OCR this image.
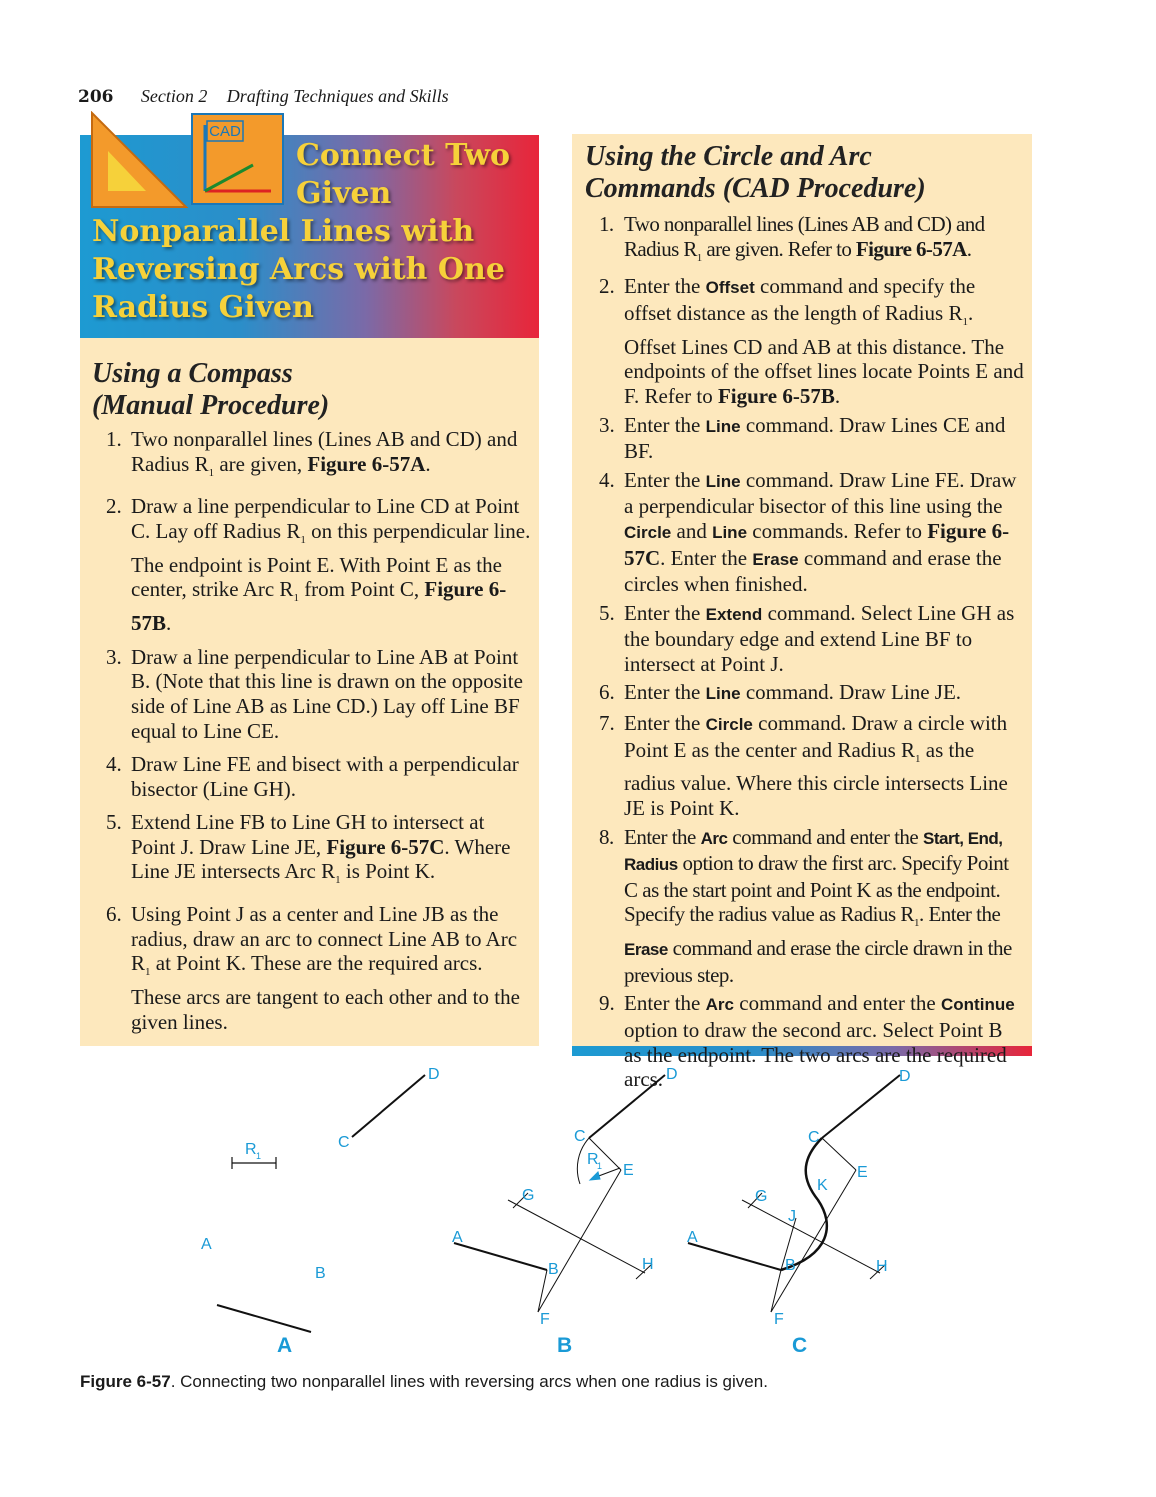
206 Section 2 Drafting Techniques and Skills
Connect Two
Given
Nonparallel Lines with
Reversing Arcs with One
Radius Given
CAD
Using a Compass
(Manual Procedure)
1. Two nonparallel lines (Lines AB and CD) and Radius $R_1$ are given, Figure 6-57A.
2. Draw a line perpendicular to Line CD at Point C. Lay off Radius $R_1$ on this perpendicular line. The endpoint is Point E. With Point E as the center, strike Arc $R_1$ from Point C, Figure 6-57B.
3. Draw a line perpendicular to Line AB at Point B. (Note that this line is drawn on the opposite side of Line AB as Line CD.) Lay off Line BF equal to Line CE.
4. Draw Line FE and bisect with a perpendicular bisector (Line GH).
5. Extend Line FB to Line GH to intersect at Point J. Draw Line JE, Figure 6-57C. Where Line JE intersects Arc $R_1$ is Point K.
6. Using Point J as a center and Line JB as the radius, draw an arc to connect Line AB to Arc $R_1$ at Point K. These are the required arcs. These arcs are tangent to each other and to the given lines.
Using the Circle and Arc
Commands (CAD Procedure)
1. Two nonparallel lines (Lines AB and CD) and Radius $R_1$ are given. Refer to Figure 6-57A.
2. Enter the Offset command and specify the offset distance as the length of Radius $R_1$. Offset Lines CD and AB at this distance. The endpoints of the offset lines locate Points E and F. Refer to Figure 6-57B.
3. Enter the Line command. Draw Lines CE and BF.
4. Enter the Line command. Draw Line FE. Draw a perpendicular bisector of this line using the Circle and Line commands. Refer to Figure 6-57C. Enter the Erase command and erase the circles when finished.
5. Enter the Extend command. Select Line GH as the boundary edge and extend Line BF to intersect at Point J.
6. Enter the Line command. Draw Line JE.
7. Enter the Circle command. Draw a circle with Point E as the center and Radius $R_1$ as the radius value. Where this circle intersects Line JE is Point K.
8. Enter the Arc command and enter the Start, End, Radius option to draw the first arc. Specify Point C as the start point and Point K as the endpoint. Specify the radius value as Radius $R_1$. Enter the Erase command and erase the circle drawn in the previous step.
9. Enter the Arc command and enter the Continue option to draw the second arc. Select Point B as the endpoint. The two arcs are the required arcs.
A
B
C
D
R 1
A
B
C
D
E
F
G
H
R
1
A
B
C
D
E
F
G
H
J
K
A	B	C
Figure 6-57. Connecting two nonparallel lines with reversing arcs when one radius is given.
